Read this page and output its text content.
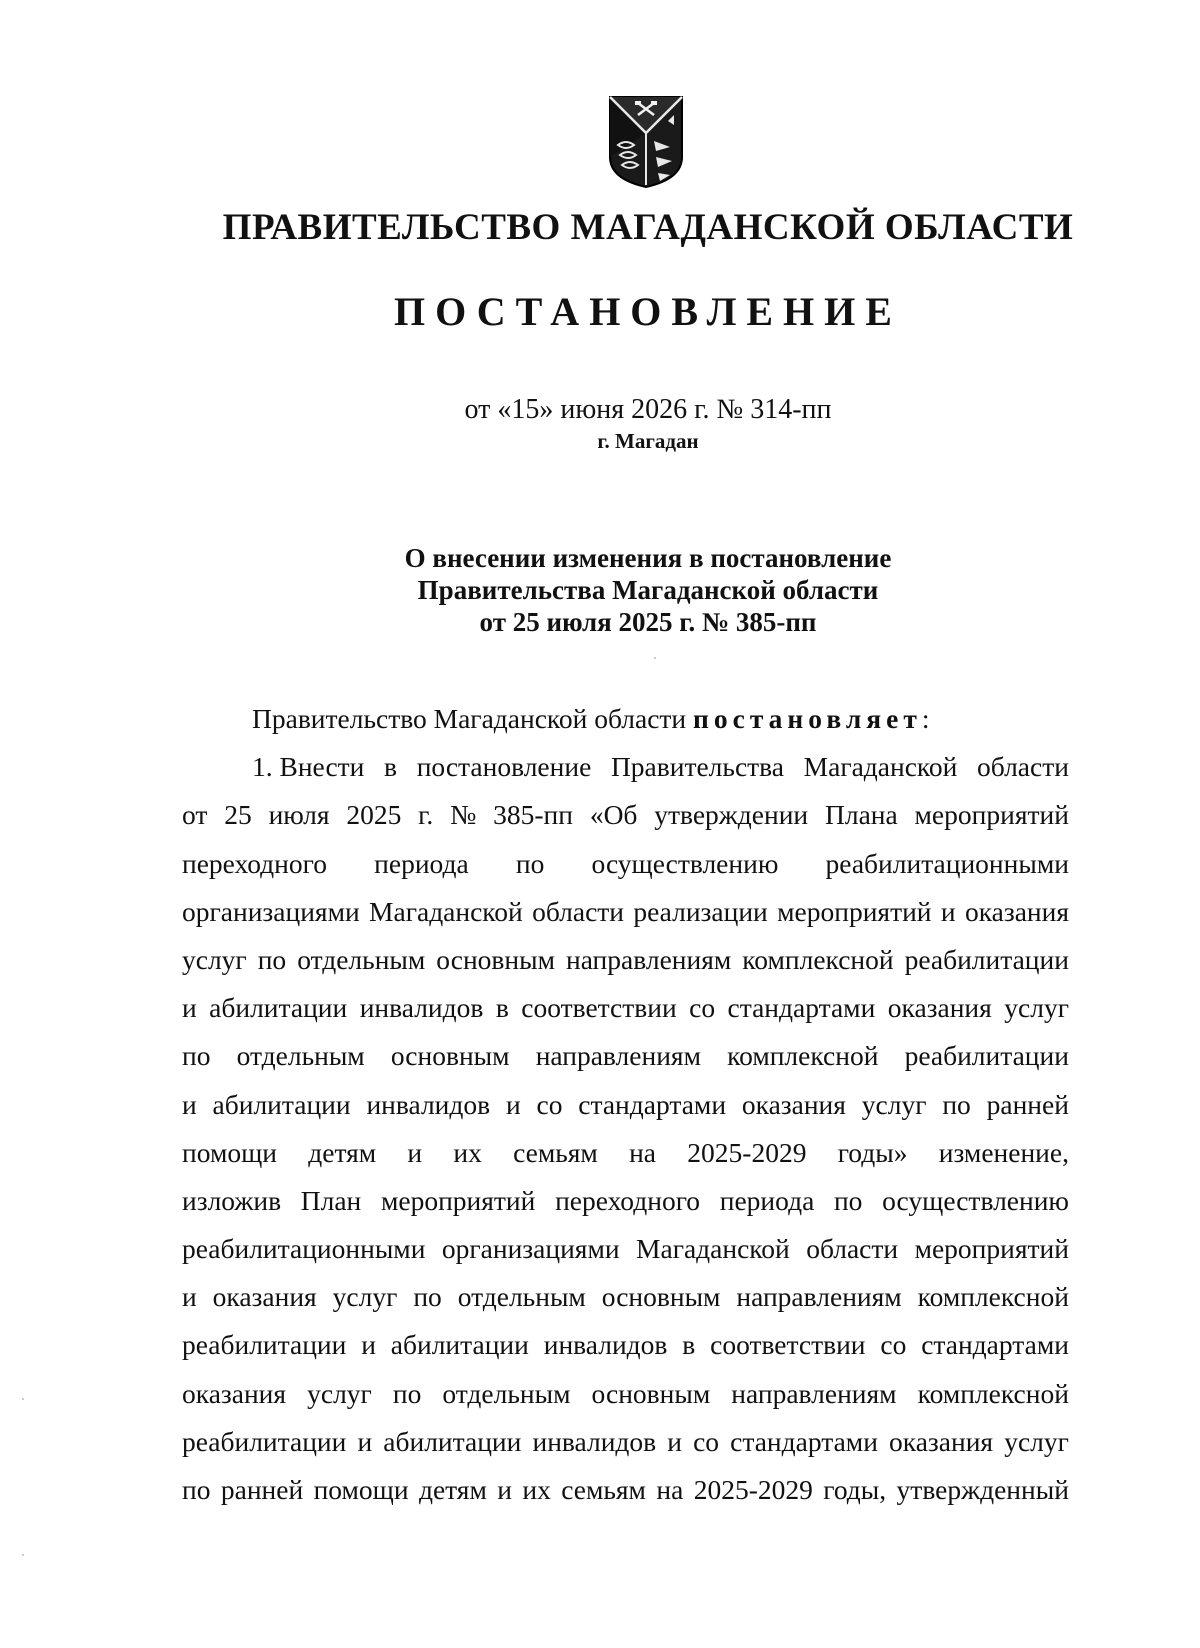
ПРАВИТЕЛЬСТВО МАГАДАНСКОЙ ОБЛАСТИ
ПОСТАНОВЛЕНИЕ
от «15» июня 2026 г. № 314-пп
г. Магадан
О внесении изменения в постановление
Правительства Магаданской области
от 25 июля 2025 г. № 385-пп
Правительство Магаданской области постановляет:
1. Внести в постановление Правительства Магаданской области
от 25 июля 2025 г. № 385-пп «Об утверждении Плана мероприятий
переходного периода по осуществлению реабилитационными
организациями Магаданской области реализации мероприятий и оказания
услуг по отдельным основным направлениям комплексной реабилитации
и абилитации инвалидов в соответствии со стандартами оказания услуг
по отдельным основным направлениям комплексной реабилитации
и абилитации инвалидов и со стандартами оказания услуг по ранней
помощи детям и их семьям на 2025-2029 годы» изменение,
изложив План мероприятий переходного периода по осуществлению
реабилитационными организациями Магаданской области мероприятий
и оказания услуг по отдельным основным направлениям комплексной
реабилитации и абилитации инвалидов в соответствии со стандартами
оказания услуг по отдельным основным направлениям комплексной
реабилитации и абилитации инвалидов и со стандартами оказания услуг
по ранней помощи детям и их семьям на 2025-2029 годы, утвержденный
